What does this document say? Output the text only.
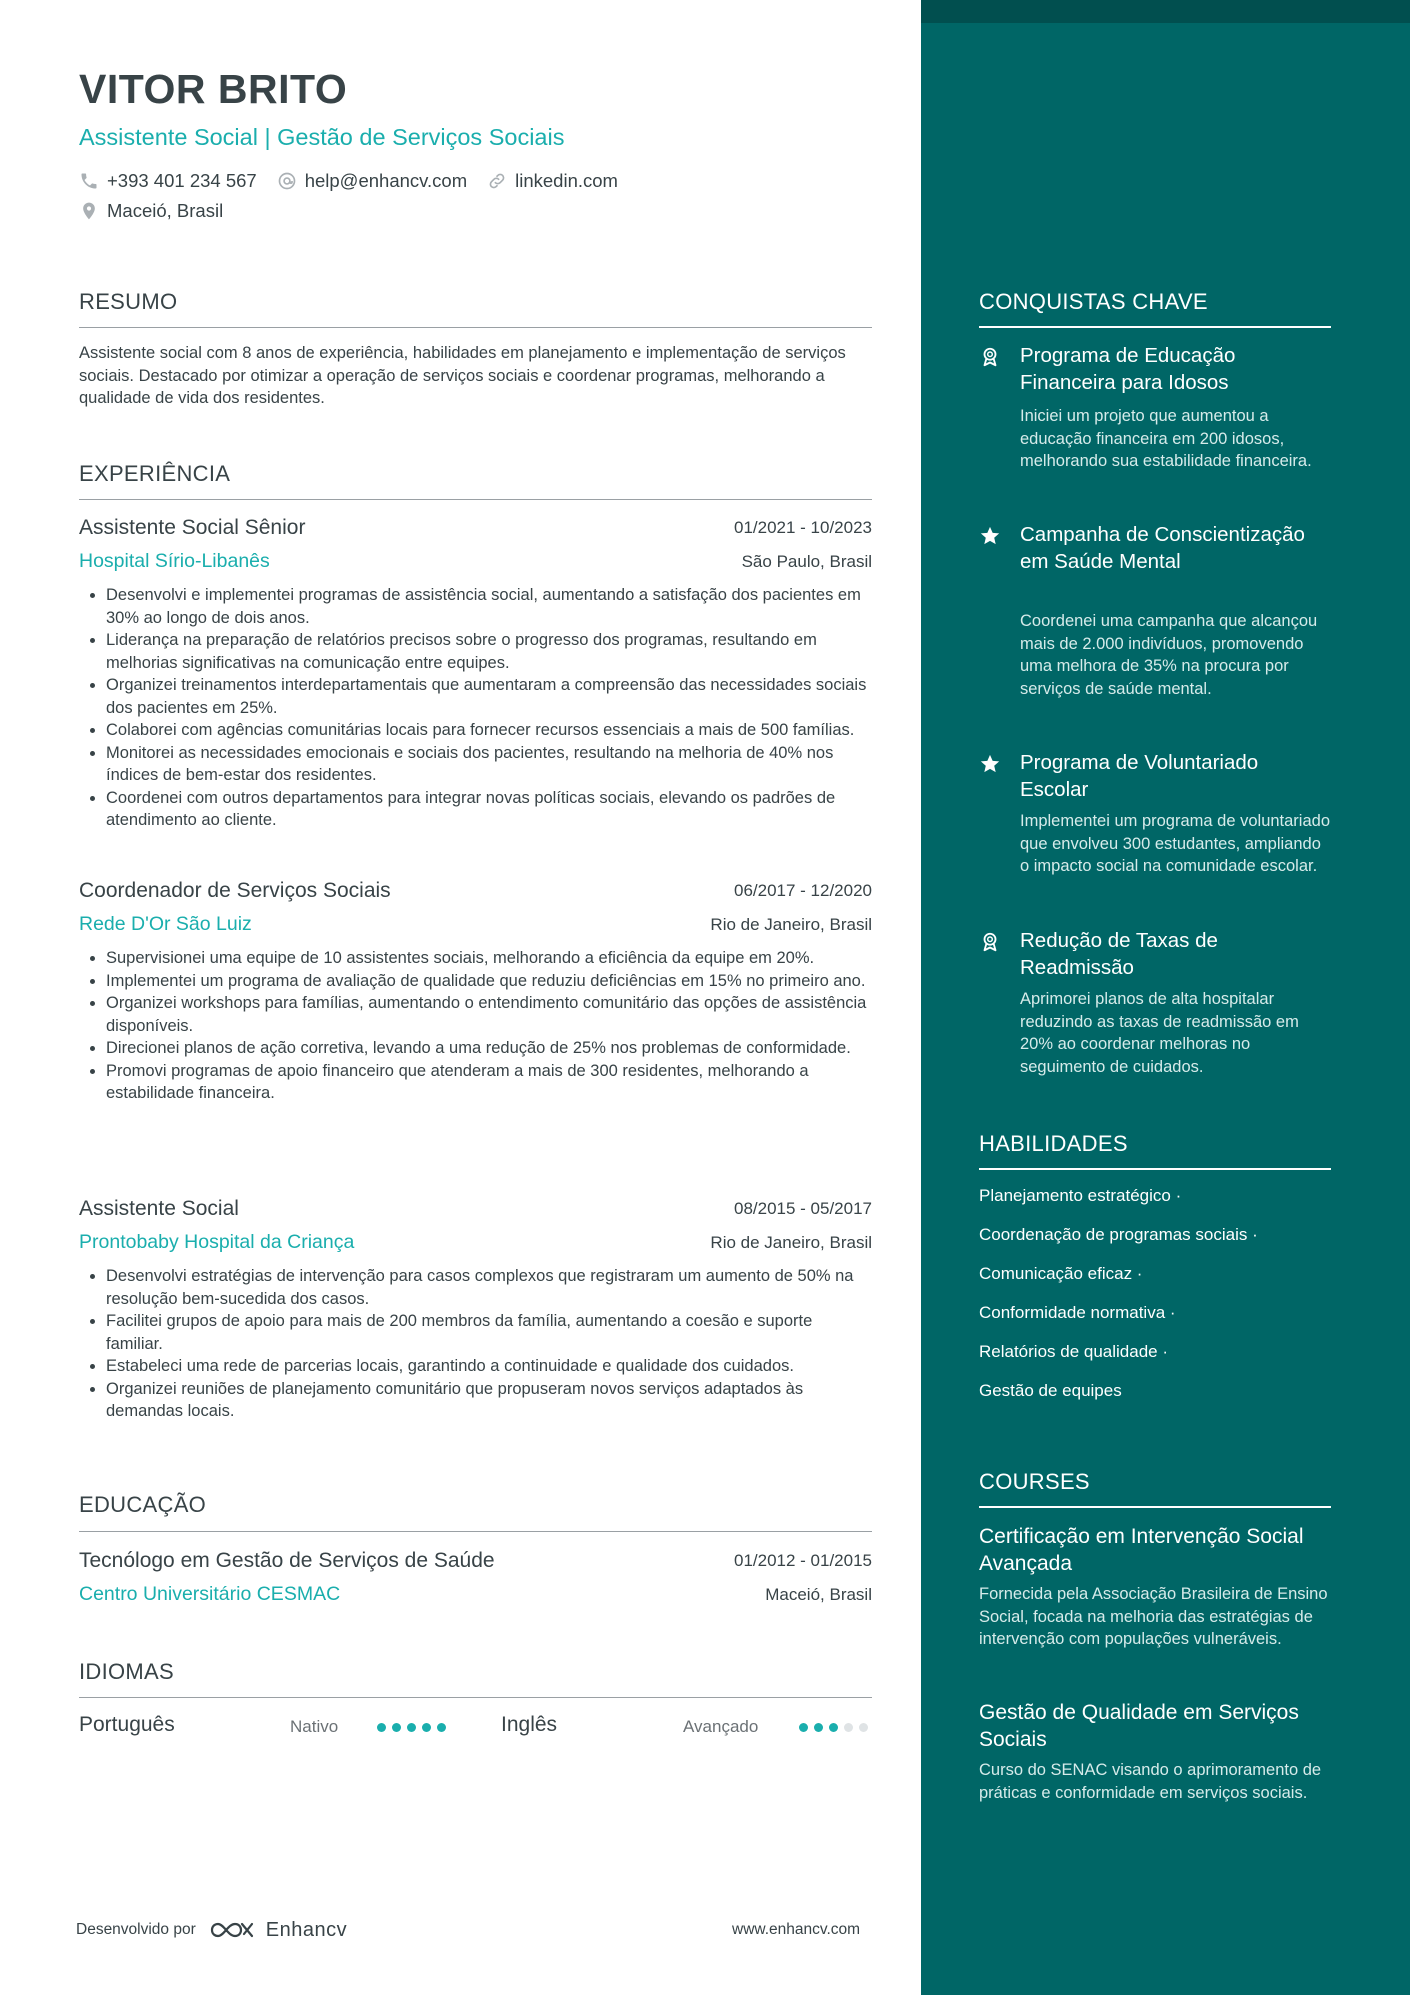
VITOR BRITO
Assistente Social | Gestão de Serviços Sociais
+393 401 234 567	help@enhancv.com	linkedin.com
Maceió, Brasil
RESUMO
Assistente social com 8 anos de experiência, habilidades em planejamento e implementação de serviços sociais. Destacado por otimizar a operação de serviços sociais e coordenar programas, melhorando a qualidade de vida dos residentes.
EXPERIÊNCIA
Assistente Social Sênior	01/2021 - 10/2023
Hospital Sírio-Libanês	São Paulo, Brasil
• Desenvolvi e implementei programas de assistência social, aumentando a satisfação dos pacientes em 30% ao longo de dois anos.
• Liderança na preparação de relatórios precisos sobre o progresso dos programas, resultando em melhorias significativas na comunicação entre equipes.
• Organizei treinamentos interdepartamentais que aumentaram a compreensão das necessidades sociais dos pacientes em 25%.
• Colaborei com agências comunitárias locais para fornecer recursos essenciais a mais de 500 famílias.
• Monitorei as necessidades emocionais e sociais dos pacientes, resultando na melhoria de 40% nos índices de bem-estar dos residentes.
• Coordenei com outros departamentos para integrar novas políticas sociais, elevando os padrões de atendimento ao cliente.
Coordenador de Serviços Sociais	06/2017 - 12/2020
Rede D'Or São Luiz	Rio de Janeiro, Brasil
• Supervisionei uma equipe de 10 assistentes sociais, melhorando a eficiência da equipe em 20%.
• Implementei um programa de avaliação de qualidade que reduziu deficiências em 15% no primeiro ano.
• Organizei workshops para famílias, aumentando o entendimento comunitário das opções de assistência disponíveis.
• Direcionei planos de ação corretiva, levando a uma redução de 25% nos problemas de conformidade.
• Promovi programas de apoio financeiro que atenderam a mais de 300 residentes, melhorando a estabilidade financeira.
Assistente Social	08/2015 - 05/2017
Prontobaby Hospital da Criança	Rio de Janeiro, Brasil
• Desenvolvi estratégias de intervenção para casos complexos que registraram um aumento de 50% na resolução bem-sucedida dos casos.
• Facilitei grupos de apoio para mais de 200 membros da família, aumentando a coesão e suporte familiar.
• Estabeleci uma rede de parcerias locais, garantindo a continuidade e qualidade dos cuidados.
• Organizei reuniões de planejamento comunitário que propuseram novos serviços adaptados às demandas locais.
EDUCAÇÃO
Tecnólogo em Gestão de Serviços de Saúde	01/2012 - 01/2015
Centro Universitário CESMAC	Maceió, Brasil
IDIOMAS
Português	Nativo	Inglês	Avançado
Desenvolvido por	Enhancv	www.enhancv.com
CONQUISTAS CHAVE
Programa de Educação Financeira para Idosos
Iniciei um projeto que aumentou a educação financeira em 200 idosos, melhorando sua estabilidade financeira.
Campanha de Conscientização em Saúde Mental
Coordenei uma campanha que alcançou mais de 2.000 indivíduos, promovendo uma melhora de 35% na procura por serviços de saúde mental.
Programa de Voluntariado Escolar
Implementei um programa de voluntariado que envolveu 300 estudantes, ampliando o impacto social na comunidade escolar.
Redução de Taxas de Readmissão
Aprimorei planos de alta hospitalar reduzindo as taxas de readmissão em 20% ao coordenar melhoras no seguimento de cuidados.
HABILIDADES
Planejamento estratégico ·
Coordenação de programas sociais ·
Comunicação eficaz ·
Conformidade normativa ·
Relatórios de qualidade ·
Gestão de equipes
COURSES
Certificação em Intervenção Social Avançada
Fornecida pela Associação Brasileira de Ensino Social, focada na melhoria das estratégias de intervenção com populações vulneráveis.
Gestão de Qualidade em Serviços Sociais
Curso do SENAC visando o aprimoramento de práticas e conformidade em serviços sociais.
